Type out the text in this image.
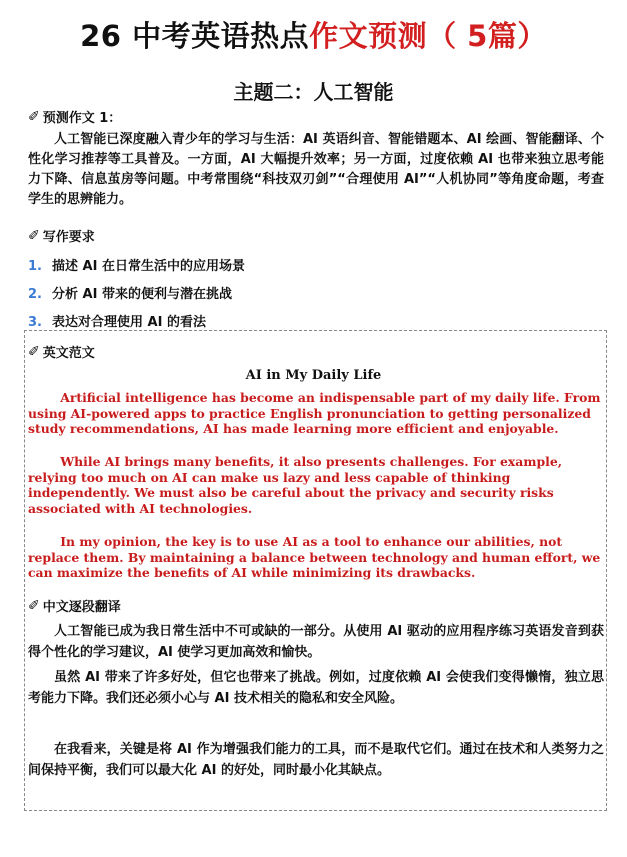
26 中考英语热点作文预测（ 5篇）
主题二：人工智能
✐ 预测作文 1：
人工智能已深度融入青少年的学习与生活：AI 英语纠音、智能错题本、AI 绘画、智能翻译、个性化学习推荐等工具普及。一方面，AI 大幅提升效率；另一方面，过度依赖 AI 也带来独立思考能力下降、信息茧房等问题。中考常围绕“科技双刃剑”“合理使用 AI”“人机协同”等角度命题，考查学生的思辨能力。
✐ 写作要求
1. 描述 AI 在日常生活中的应用场景
2. 分析 AI 带来的便利与潜在挑战
3. 表达对合理使用 AI 的看法
✐ 英文范文
AI in My Daily Life
Artificial intelligence has become an indispensable part of my daily life. From using AI-powered apps to practice English pronunciation to getting personalized study recommendations, AI has made learning more efficient and enjoyable.
While AI brings many benefits, it also presents challenges. For example, relying too much on AI can make us lazy and less capable of thinking independently. We must also be careful about the privacy and security risks associated with AI technologies.
In my opinion, the key is to use AI as a tool to enhance our abilities, not replace them. By maintaining a balance between technology and human effort, we can maximize the benefits of AI while minimizing its drawbacks.
✐ 中文逐段翻译
人工智能已成为我日常生活中不可或缺的一部分。从使用 AI 驱动的应用程序练习英语发音到获得个性化的学习建议，AI 使学习更加高效和愉快。
虽然 AI 带来了许多好处，但它也带来了挑战。例如，过度依赖 AI 会使我们变得懒惰，独立思考能力下降。我们还必须小心与 AI 技术相关的隐私和安全风险。
在我看来，关键是将 AI 作为增强我们能力的工具，而不是取代它们。通过在技术和人类努力之间保持平衡，我们可以最大化 AI 的好处，同时最小化其缺点。
